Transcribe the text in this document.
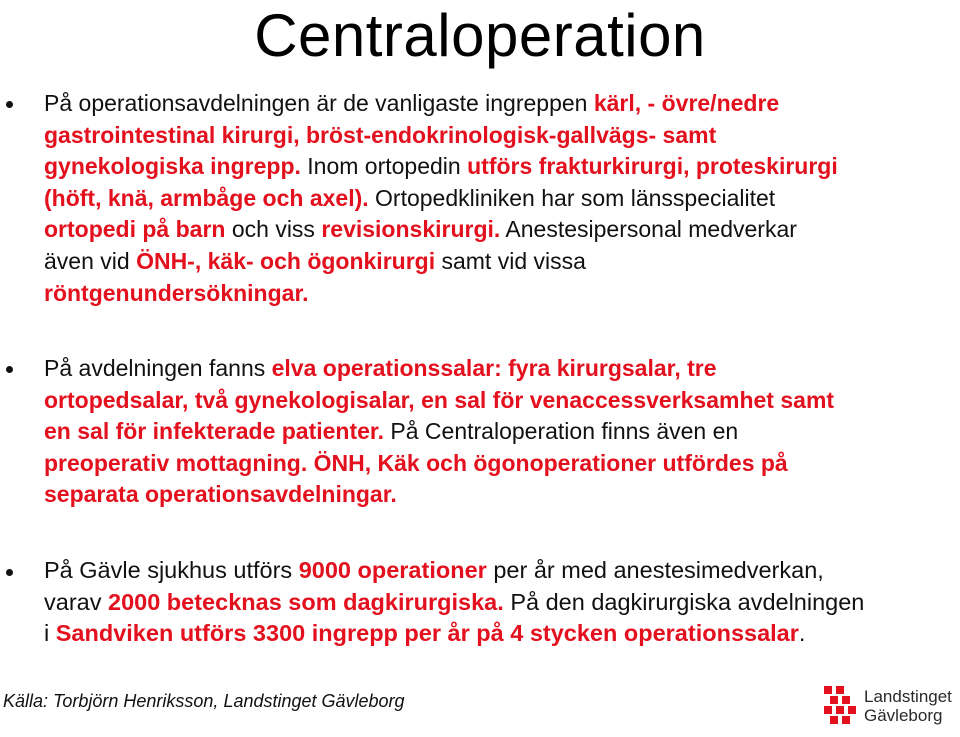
Centraloperation

På operationsavdelningen är de vanligaste ingreppen kärl, - övre/nedre
gastrointestinal kirurgi, bröst-endokrinologisk-gallvägs- samt
gynekologiska ingrepp. Inom ortopedin utförs frakturkirurgi, proteskirurgi
(höft, knä, armbåge och axel). Ortopedkliniken har som länsspecialitet
ortopedi på barn och viss revisionskirurgi. Anestesipersonal medverkar
även vid ÖNH-, käk- och ögonkirurgi samt vid vissa
röntgenundersökningar.

På avdelningen fanns elva operationssalar: fyra kirurgsalar, tre
ortopedsalar, två gynekologisalar, en sal för venaccessverksamhet samt
en sal för infekterade patienter. På Centraloperation finns även en
preoperativ mottagning. ÖNH, Käk och ögonoperationer utfördes på
separata operationsavdelningar.

På Gävle sjukhus utförs 9000 operationer per år med anestesimedverkan,
varav 2000 betecknas som dagkirurgiska. På den dagkirurgiska avdelningen
i Sandviken utförs 3300 ingrepp per år på 4 stycken operationssalar.

Källa: Torbjörn Henriksson, Landstinget Gävleborg	Landstinget
Gävleborg
